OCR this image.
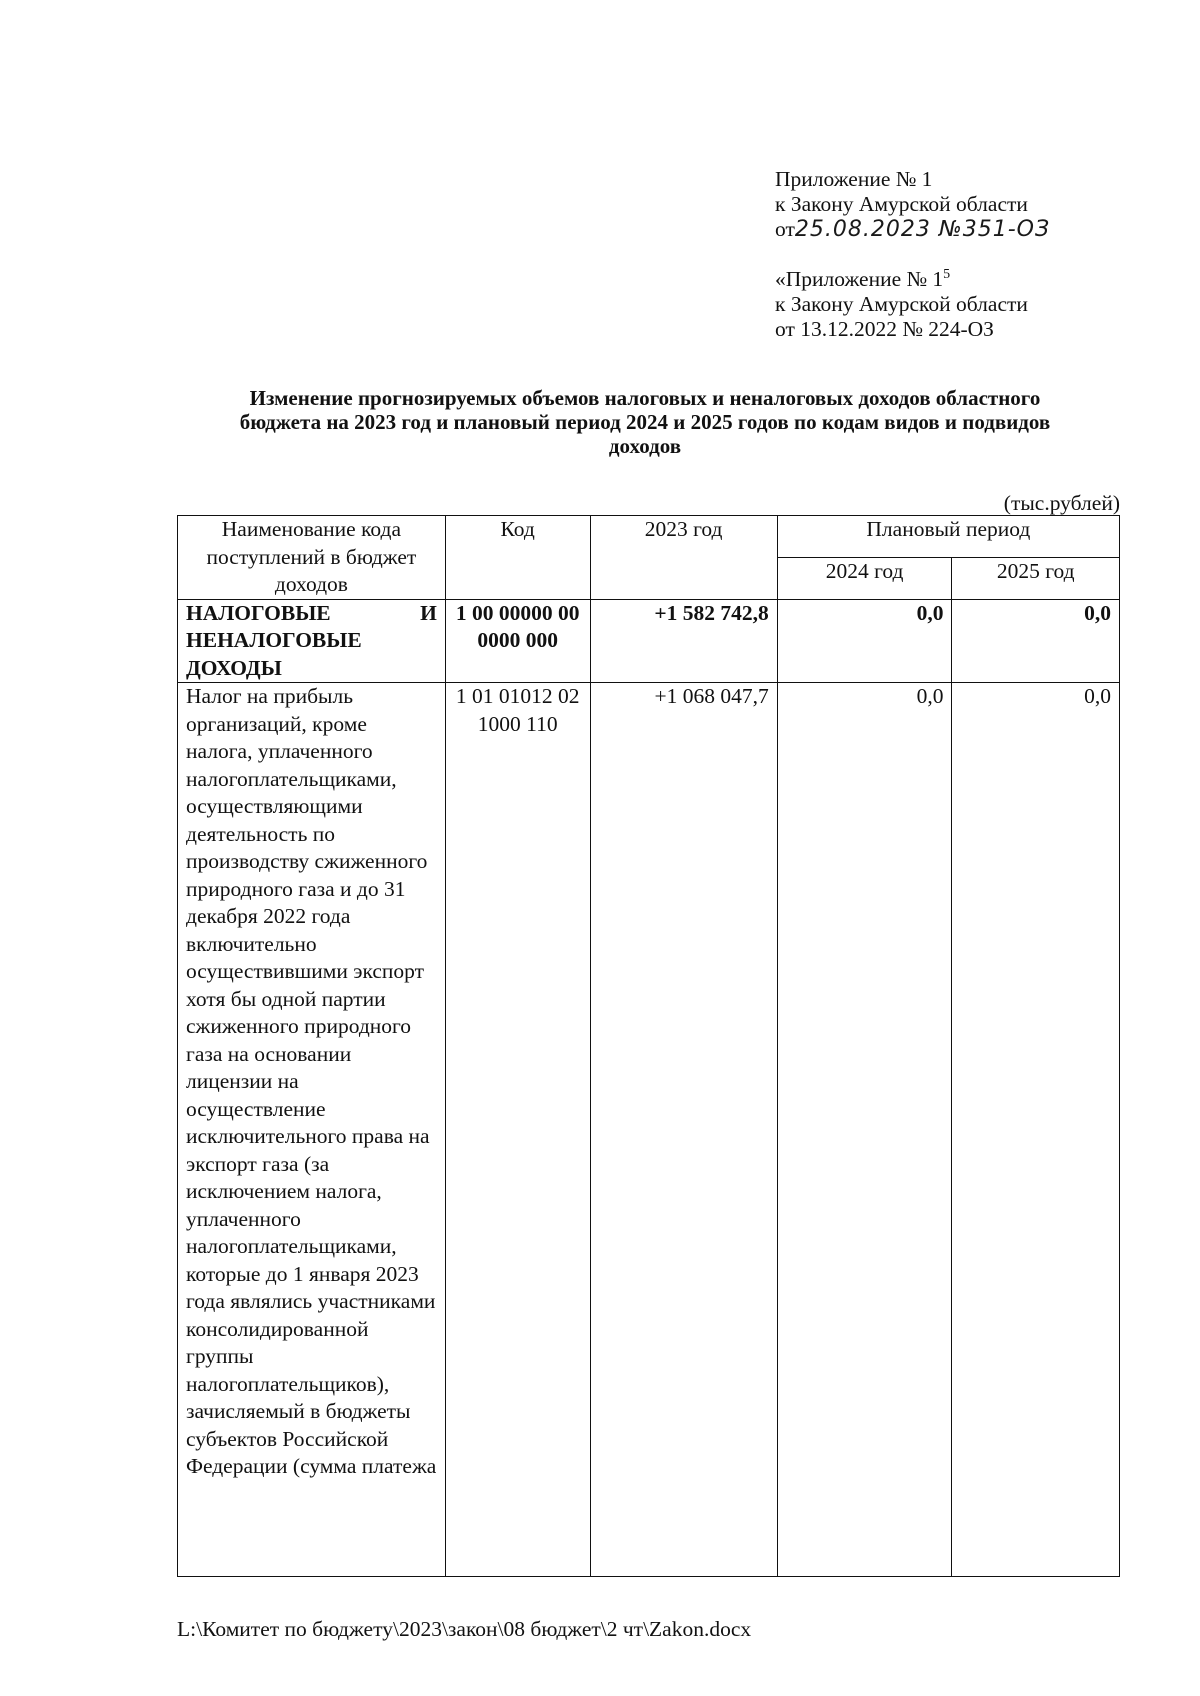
Приложение № 1
к Закону Амурской области
от25.08.2023 №351-ОЗ
«Приложение № $1^5$
к Закону Амурской области
от 13.12.2022 № 224-ОЗ
Изменение прогнозируемых объемов налоговых и неналоговых доходов областного
бюджета на 2023 год и плановый период 2024 и 2025 годов по кодам видов и подвидов
доходов
(тыс.рублей)
Наименование кода поступлений в бюджет доходов	Код	2023 год	Плановый период	
			2024 год	2025 год

НАЛОГОВЫЕ И
НЕНАЛОГОВЫЕ ДОХОДЫ	1 00 00000 00 0000 000	+1 582 742,8	0,0	0,0
Налог на прибыль организаций, кроме налога, уплаченного налогоплательщиками, осуществляющими деятельность по производству сжиженного природного газа и до 31 декабря 2022 года включительно осуществившими экспорт хотя бы одной партии сжиженного природного газа на основании лицензии на осуществление исключительного права на экспорт газа (за исключением налога, уплаченного налогоплательщиками, которые до 1 января 2023 года являлись участниками консолидированной группы налогоплательщиков), зачисляемый в бюджеты субъектов Российской Федерации (сумма платежа	1 01 01012 02 1000 110	+1 068 047,7	0,0	0,0
L:\Комитет по бюджету\2023\закон\08 бюджет\2 чт\Zakon.docx
